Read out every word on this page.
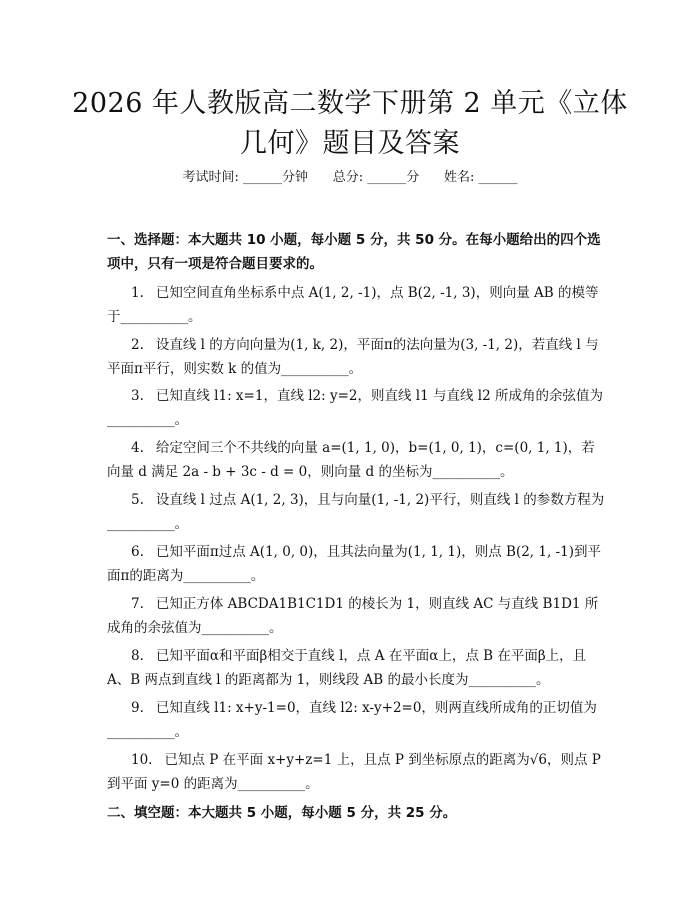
2026 年人教版高二数学下册第 2 单元《立体
几何》题目及答案
考试时间: ______分钟      总分: ______分      姓名: ______
一、选择题：本大题共 10 小题，每小题 5 分，共 50 分。在每小题给出的四个选项中，只有一项是符合题目要求的。
1. 已知空间直角坐标系中点 A(1, 2, -1)，点 B(2, -1, 3)，则向量 AB 的模等于__________。
2. 设直线 l 的方向向量为(1, k, 2)，平面π的法向量为(3, -1, 2)，若直线 l 与平面π平行，则实数 k 的值为__________。
3. 已知直线 l1: x=1，直线 l2: y=2，则直线 l1 与直线 l2 所成角的余弦值为__________。
4. 给定空间三个不共线的向量 a=(1, 1, 0)，b=(1, 0, 1)，c=(0, 1, 1)，若向量 d 满足 2a - b + 3c - d = 0，则向量 d 的坐标为__________。
5. 设直线 l 过点 A(1, 2, 3)，且与向量(1, -1, 2)平行，则直线 l 的参数方程为__________。
6. 已知平面π过点 A(1, 0, 0)，且其法向量为(1, 1, 1)，则点 B(2, 1, -1)到平面π的距离为__________。
7. 已知正方体 ABCDA1B1C1D1 的棱长为 1，则直线 AC 与直线 B1D1 所成角的余弦值为__________。
8. 已知平面α和平面β相交于直线 l，点 A 在平面α上，点 B 在平面β上，且 A、B 两点到直线 l 的距离都为 1，则线段 AB 的最小长度为__________。
9. 已知直线 l1: x+y-1=0，直线 l2: x-y+2=0，则两直线所成角的正切值为__________。
10. 已知点 P 在平面 x+y+z=1 上，且点 P 到坐标原点的距离为√6，则点 P 到平面 y=0 的距离为__________。
二、填空题：本大题共 5 小题，每小题 5 分，共 25 分。
